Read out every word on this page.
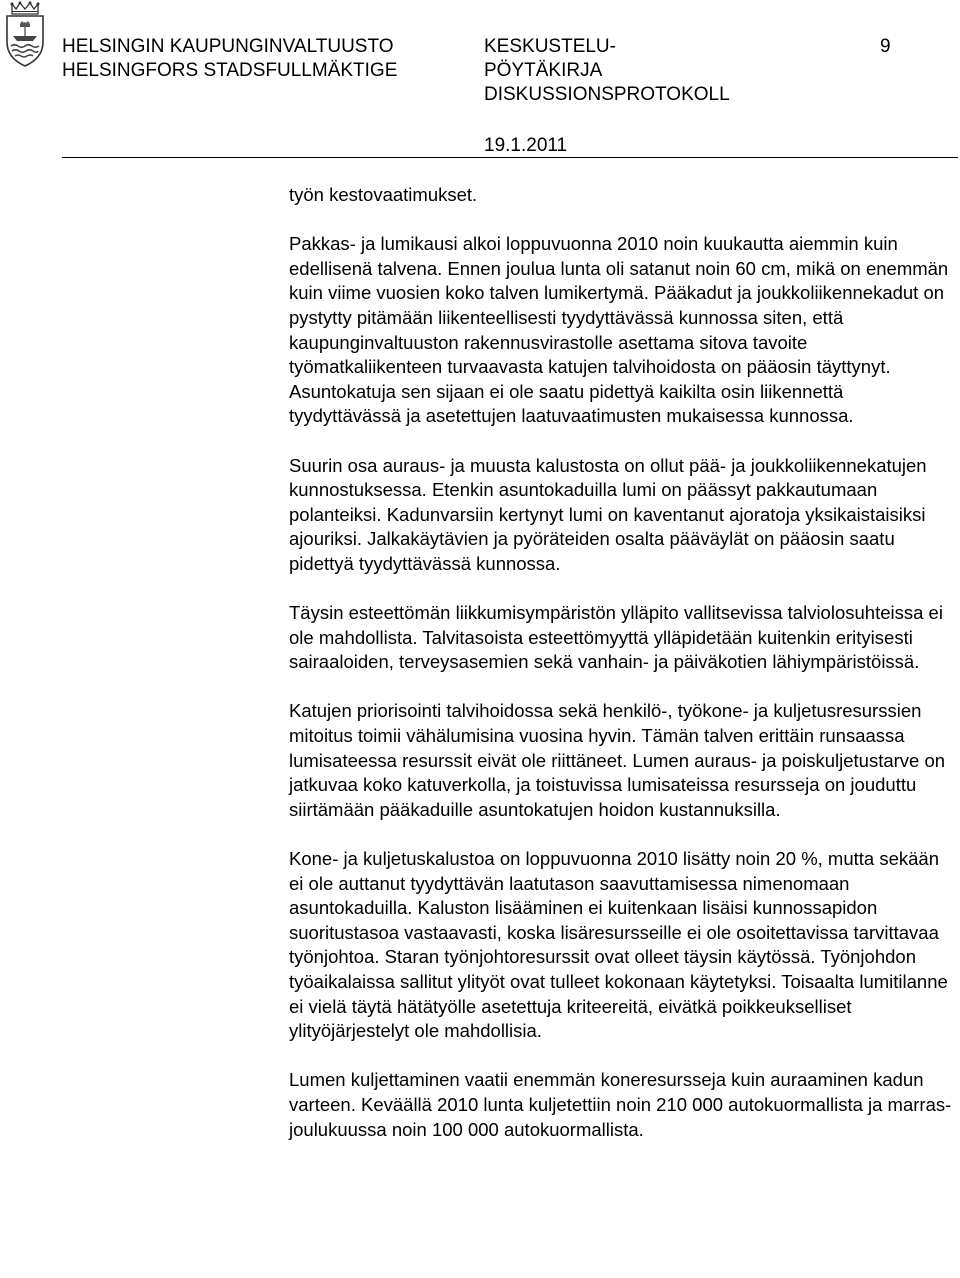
HELSINGIN KAUPUNGINVALTUUSTO
HELSINGFORS STADSFULLMÄKTIGE
KESKUSTELU-
PÖYTÄKIRJA
DISKUSSIONSPROTOKOLL
9
19.1.2011

työn kestovaatimukset.

Pakkas- ja lumikausi alkoi loppuvuonna 2010 noin kuukautta aiemmin kuin edellisenä talvena. Ennen joulua lunta oli satanut noin 60 cm, mikä on enemmän kuin viime vuosien koko talven lumikertymä. Pääkadut ja joukkoliikennekadut on pystytty pitämään liikenteellisesti tyydyttävässä kunnossa siten, että kaupunginvaltuuston rakennusvirastolle asettama sitova tavoite työmatkaliikenteen turvaavasta katujen talvihoidosta on pääosin täyttynyt. Asuntokatuja sen sijaan ei ole saatu pidettyä kaikilta osin liikennettä tyydyttävässä ja asetettujen laatuvaatimusten mukaisessa kunnossa.

Suurin osa auraus- ja muusta kalustosta on ollut pää- ja joukkoliikennekatujen kunnostuksessa. Etenkin asuntokaduilla lumi on päässyt pakkautumaan polanteiksi. Kadunvarsiin kertynyt lumi on kaventanut ajoratoja yksikaistaisiksi ajouriksi. Jalkakäytävien ja pyöräteiden osalta pääväylät on pääosin saatu pidettyä tyydyttävässä kunnossa.

Täysin esteettömän liikkumisympäristön ylläpito vallitsevissa talviolosuhteissa ei ole mahdollista. Talvitasoista esteettömyyttä ylläpidetään kuitenkin erityisesti sairaaloiden, terveysasemien sekä vanhain- ja päiväkotien lähiympäristöissä.

Katujen priorisointi talvihoidossa sekä henkilö-, työkone- ja kuljetusresurssien mitoitus toimii vähälumisina vuosina hyvin. Tämän talven erittäin runsaassa lumisateessa resurssit eivät ole riittäneet. Lumen auraus- ja poiskuljetustarve on jatkuvaa koko katuverkolla, ja toistuvissa lumisateissa resursseja on jouduttu siirtämään pääkaduille asuntokatujen hoidon kustannuksilla.

Kone- ja kuljetuskalustoa on loppuvuonna 2010 lisätty noin 20 %, mutta sekään ei ole auttanut tyydyttävän laatutason saavuttamisessa nimenomaan asuntokaduilla. Kaluston lisääminen ei kuitenkaan lisäisi kunnossapidon suoritustasoa vastaavasti, koska lisäresursseille ei ole osoitettavissa tarvittavaa työnjohtoa. Staran työnjohtoresurssit ovat olleet täysin käytössä. Työnjohdon työaikalaissa sallitut ylityöt ovat tulleet kokonaan käytetyksi. Toisaalta lumitilanne ei vielä täytä hätätyölle asetettuja kriteereitä, eivätkä poikkeukselliset ylityöjärjestelyt ole mahdollisia.

Lumen kuljettaminen vaatii enemmän koneresursseja kuin auraaminen kadun varteen. Keväällä 2010 lunta kuljetettiin noin 210 000 autokuormallista ja marras-joulukuussa noin 100 000 autokuormallista.
